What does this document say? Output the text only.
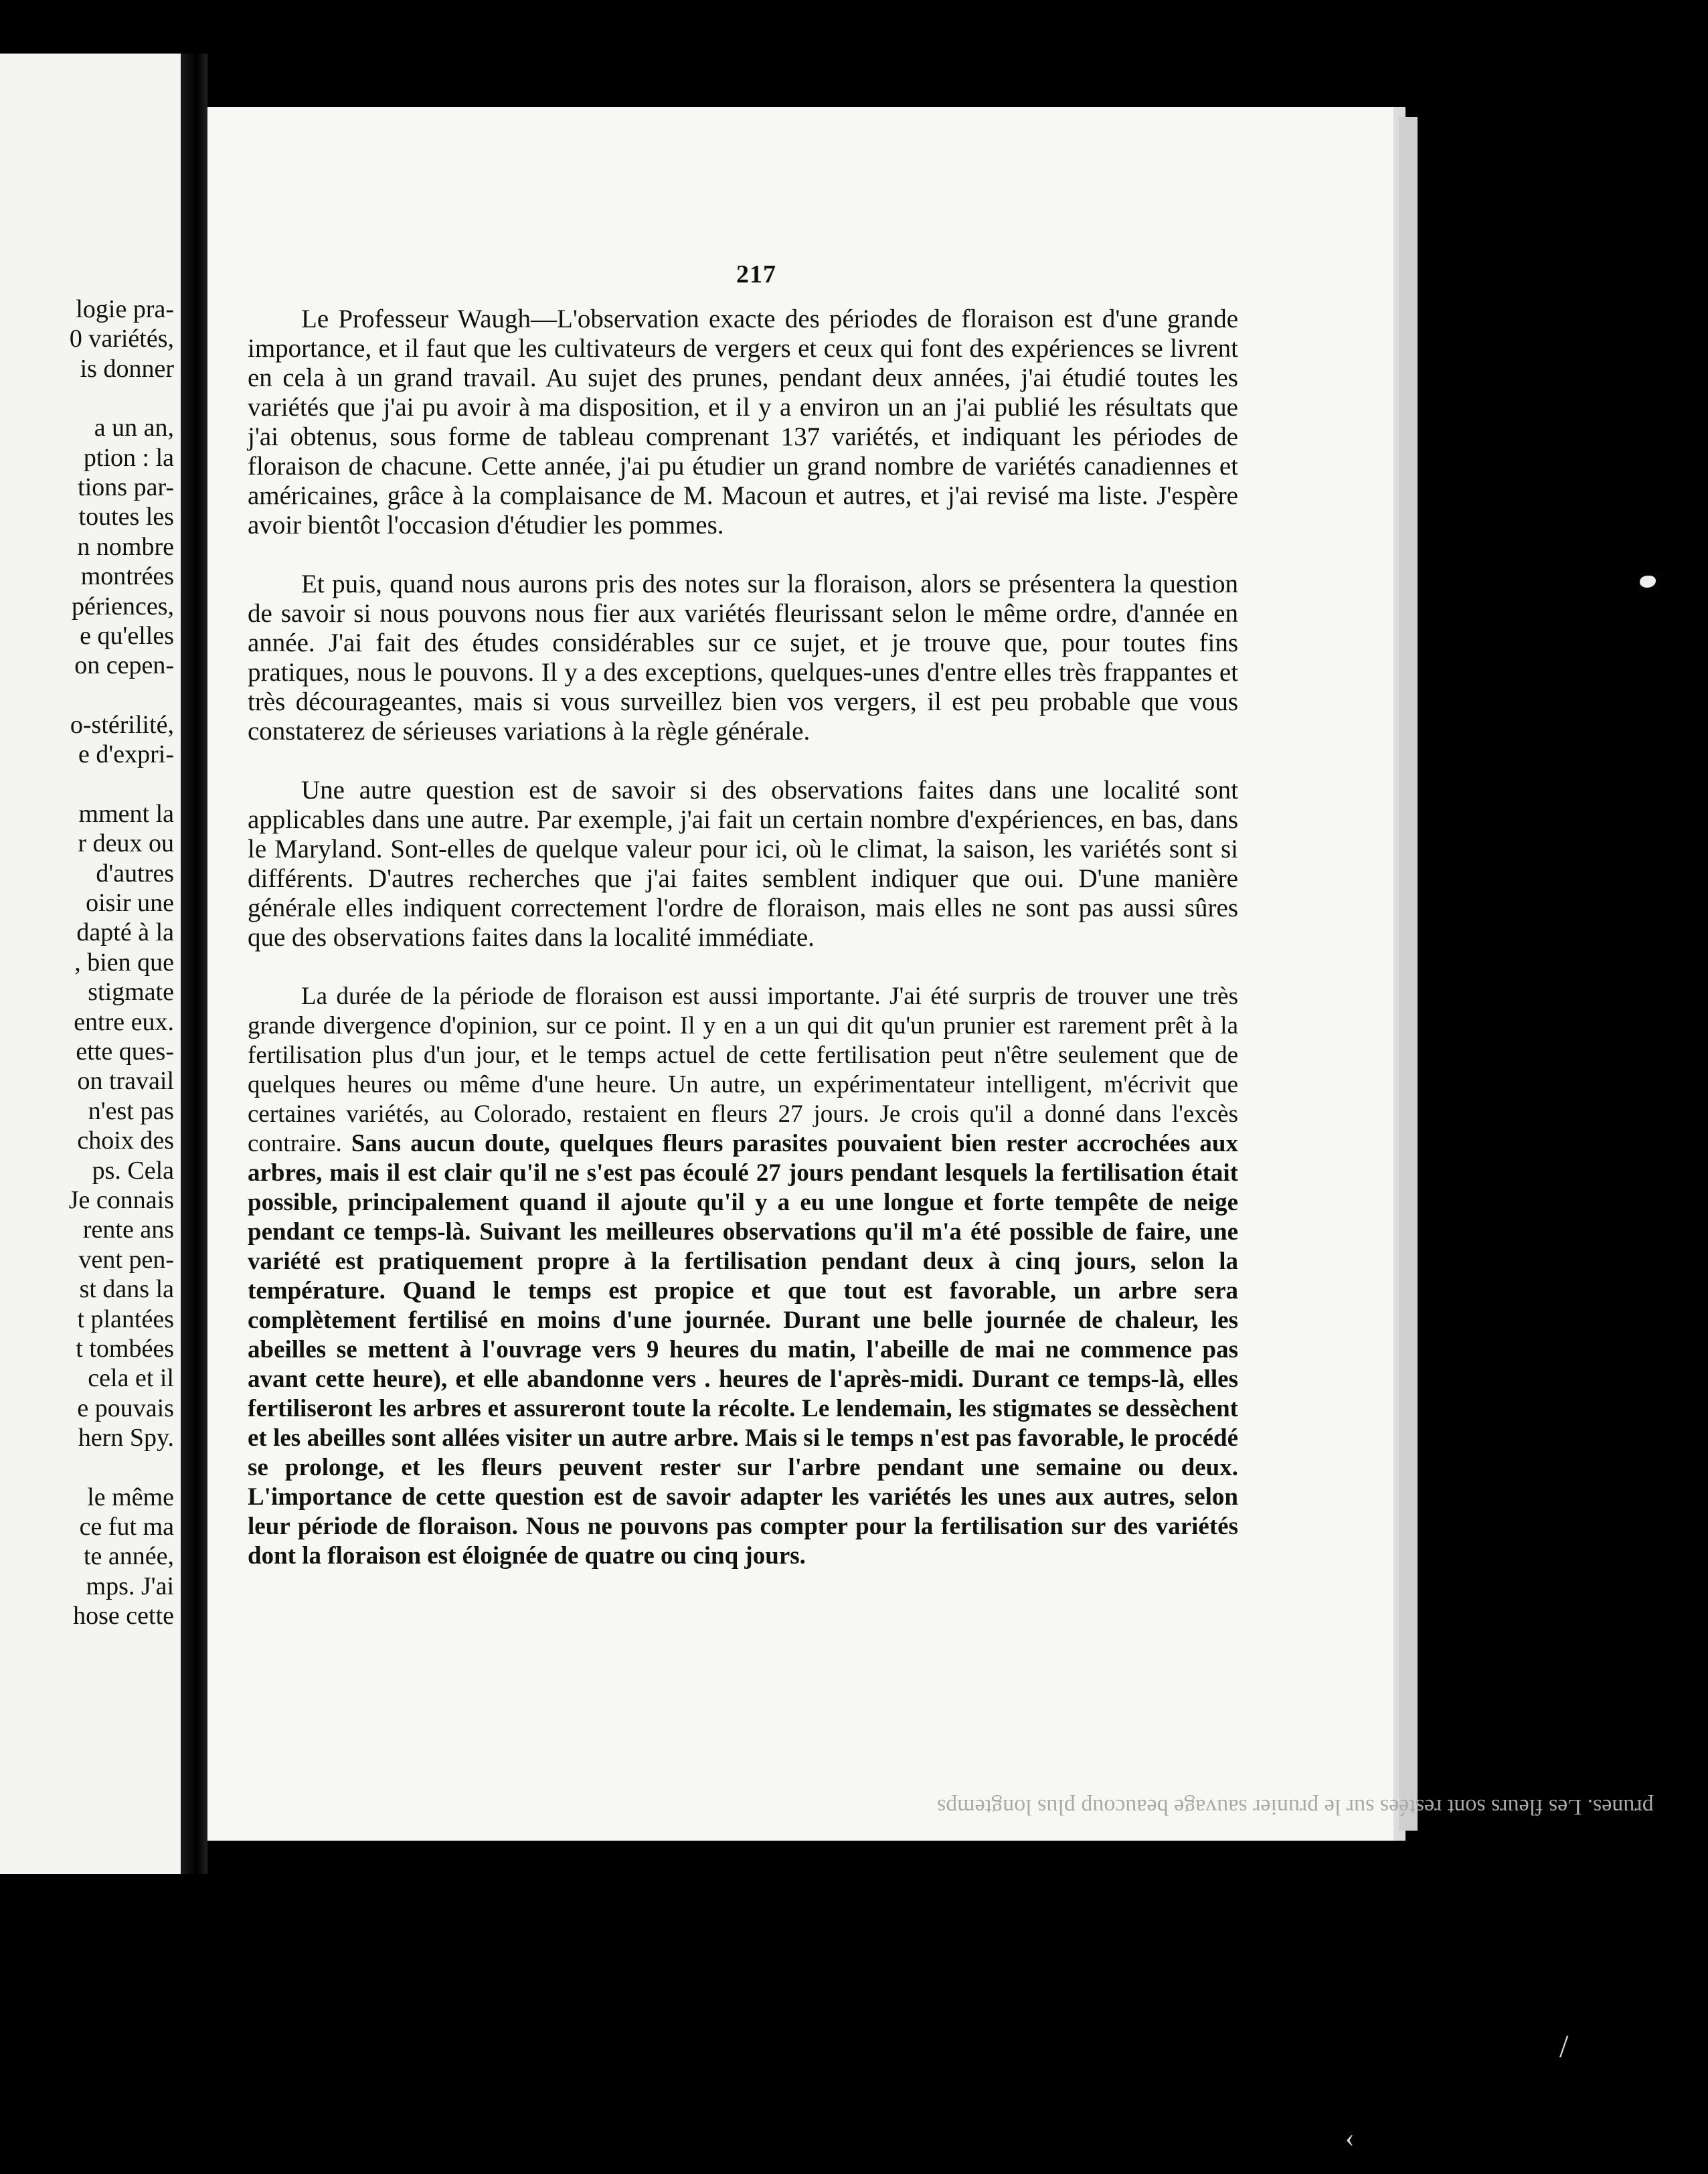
logie pra-
0 variétés,
is donner
a un an,
ption : la
tions par-
toutes les
n nombre
montrées
périences,
e qu'elles
on cepen-
o-stérilité,
e d'expri-
mment la
r deux ou
d'autres
oisir une
dapté à la
, bien que
stigmate
entre eux.
ette ques-
on travail
n'est pas
choix des
ps. Cela
Je connais
rente ans
vent pen-
st dans la
t plantées
t tombées
cela et il
e pouvais
hern Spy.
le même
ce fut ma
te année,
mps. J'ai
hose cette
217

Le Professeur Waugh—L'observation exacte des périodes de floraison est d'une grande importance, et il faut que les cultivateurs de vergers et ceux qui font des expériences se livrent en cela à un grand travail. Au sujet des prunes, pendant deux années, j'ai étudié toutes les variétés que j'ai pu avoir à ma disposition, et il y a environ un an j'ai publié les résultats que j'ai obtenus, sous forme de tableau comprenant 137 variétés, et indiquant les périodes de floraison de chacune. Cette année, j'ai pu étudier un grand nombre de variétés canadiennes et américaines, grâce à la complaisance de M. Macoun et autres, et j'ai revisé ma liste. J'espère avoir bientôt l'occasion d'étudier les pommes.

Et puis, quand nous aurons pris des notes sur la floraison, alors se présentera la question de savoir si nous pouvons nous fier aux variétés fleurissant selon le même ordre, d'année en année. J'ai fait des études considérables sur ce sujet, et je trouve que, pour toutes fins pratiques, nous le pouvons. Il y a des exceptions, quelques-unes d'entre elles très frappantes et très décourageantes, mais si vous surveillez bien vos vergers, il est peu probable que vous constaterez de sérieuses variations à la règle générale.

Une autre question est de savoir si des observations faites dans une localité sont applicables dans une autre. Par exemple, j'ai fait un certain nombre d'expériences, en bas, dans le Maryland. Sont-elles de quelque valeur pour ici, où le climat, la saison, les variétés sont si différents. D'autres recherches que j'ai faites semblent indiquer que oui. D'une manière générale elles indiquent correctement l'ordre de floraison, mais elles ne sont pas aussi sûres que des observations faites dans la localité immédiate.

La durée de la période de floraison est aussi importante. J'ai été surpris de trouver une très grande divergence d'opinion, sur ce point. Il y en a un qui dit qu'un prunier est rarement prêt à la fertilisation plus d'un jour, et le temps actuel de cette fertilisation peut n'être seulement que de quelques heures ou même d'une heure. Un autre, un expérimentateur intelligent, m'écrivit que certaines variétés, au Colorado, restaient en fleurs 27 jours. Je crois qu'il a donné dans l'excès contraire. Sans aucun doute, quelques fleurs parasites pouvaient bien rester accrochées aux arbres, mais il est clair qu'il ne s'est pas écoulé 27 jours pendant lesquels la fertilisation était possible, principalement quand il ajoute qu'il y a eu une longue et forte tempête de neige pendant ce temps-là. Suivant les meilleures observations qu'il m'a été possible de faire, une variété est pratiquement propre à la fertilisation pendant deux à cinq jours, selon la température. Quand le temps est propice et que tout est favorable, un arbre sera complètement fertilisé en moins d'une journée. Durant une belle journée de chaleur, les abeilles se mettent à l'ouvrage vers 9 heures du matin, l'abeille de mai ne commence pas avant cette heure), et elle abandonne vers . heures de l'après-midi. Durant ce temps-là, elles fertiliseront les arbres et assureront toute la récolte. Le lendemain, les stigmates se dessèchent et les abeilles sont allées visiter un autre arbre. Mais si le temps n'est pas favorable, le procédé se prolonge, et les fleurs peuvent rester sur l'arbre pendant une semaine ou deux. L'importance de cette question est de savoir adapter les variétés les unes aux autres, selon leur période de floraison. Nous ne pouvons pas compter pour la fertilisation sur des variétés dont la floraison est éloignée de quatre ou cinq jours.

prunes. Les fleurs sont restées sur le prunier sauvage beaucoup plus longtemps
/
‹
